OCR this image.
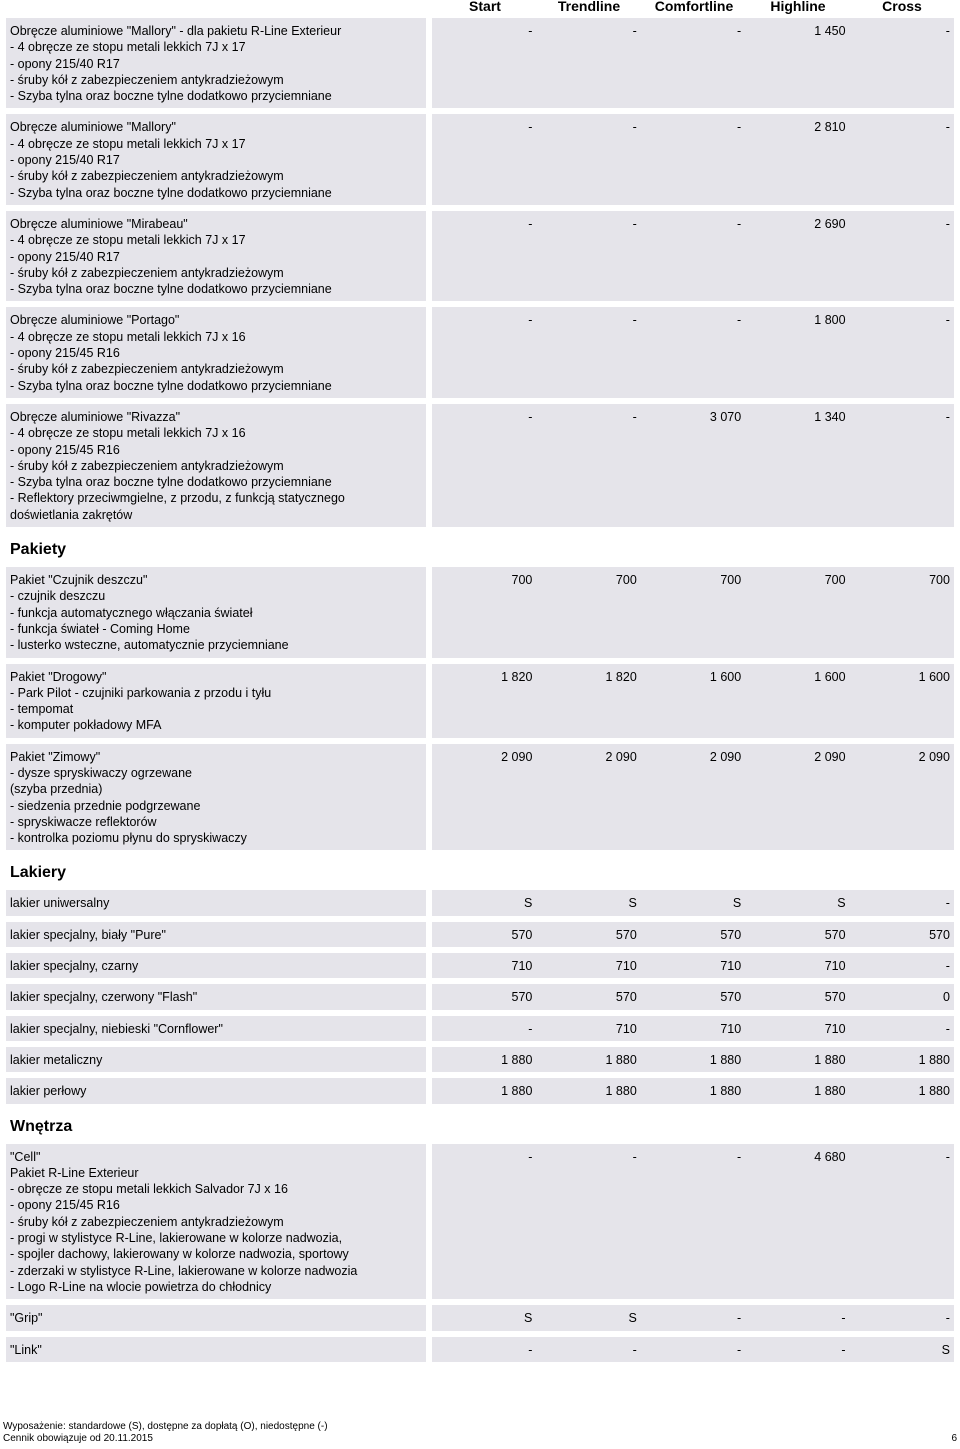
Start	Trendline	Comfortline	Highline	Cross
Obręcze aluminiowe "Mallory" - dla pakietu R-Line Exterieur
- 4 obręcze ze stopu metali lekkich 7J x 17
- opony 215/40 R17
- śruby kół z zabezpieczeniem antykradzieżowym
- Szyba tylna oraz boczne tylne dodatkowo przyciemniane
-	-	-	1 450	-
Obręcze aluminiowe "Mallory"
- 4 obręcze ze stopu metali lekkich 7J x 17
- opony 215/40 R17
- śruby kół z zabezpieczeniem antykradzieżowym
- Szyba tylna oraz boczne tylne dodatkowo przyciemniane
-	-	-	2 810	-
Obręcze aluminiowe "Mirabeau"
- 4 obręcze ze stopu metali lekkich 7J x 17
- opony 215/40 R17
- śruby kół z zabezpieczeniem antykradzieżowym
- Szyba tylna oraz boczne tylne dodatkowo przyciemniane
-	-	-	2 690	-
Obręcze aluminiowe "Portago"
- 4 obręcze ze stopu metali lekkich 7J x 16
- opony 215/45 R16
- śruby kół z zabezpieczeniem antykradzieżowym
- Szyba tylna oraz boczne tylne dodatkowo przyciemniane
-	-	-	1 800	-
Obręcze aluminiowe "Rivazza"
- 4 obręcze ze stopu metali lekkich 7J x 16
- opony 215/45 R16
- śruby kół z zabezpieczeniem antykradzieżowym
- Szyba tylna oraz boczne tylne dodatkowo przyciemniane
- Reflektory przeciwmgielne, z przodu, z funkcją statycznego
doświetlania zakrętów
-	-	3 070	1 340	-
Pakiety
Pakiet "Czujnik deszczu"
- czujnik deszczu
- funkcja automatycznego włączania świateł
- funkcja świateł - Coming Home
- lusterko wsteczne, automatycznie przyciemniane
700	700	700	700	700
Pakiet "Drogowy"
- Park Pilot - czujniki parkowania z przodu i tyłu
- tempomat
- komputer pokładowy MFA
1 820	1 820	1 600	1 600	1 600
Pakiet "Zimowy"
- dysze spryskiwaczy ogrzewane
(szyba przednia)
- siedzenia przednie podgrzewane
- spryskiwacze reflektorów
- kontrolka poziomu płynu do spryskiwaczy
2 090	2 090	2 090	2 090	2 090
Lakiery
lakier uniwersalny	S	S	S	S	-
lakier specjalny, biały "Pure"	570	570	570	570	570
lakier specjalny, czarny	710	710	710	710	-
lakier specjalny, czerwony "Flash"	570	570	570	570	0
lakier specjalny, niebieski "Cornflower"	-	710	710	710	-
lakier metaliczny	1 880	1 880	1 880	1 880	1 880
lakier perłowy	1 880	1 880	1 880	1 880	1 880
Wnętrza
"Cell"
Pakiet R-Line Exterieur
- obręcze ze stopu metali lekkich Salvador 7J x 16
- opony 215/45 R16
- śruby kół z zabezpieczeniem antykradzieżowym
- progi w stylistyce R-Line, lakierowane w kolorze nadwozia,
- spojler dachowy, lakierowany w kolorze nadwozia, sportowy
- zderzaki w stylistyce R-Line, lakierowane w kolorze nadwozia
- Logo R-Line na wlocie powietrza do chłodnicy
-	-	-	4 680	-
"Grip"	S	S	-	-	-
"Link"	-	-	-	-	S
Wyposażenie: standardowe (S), dostępne za dopłatą (O), niedostępne (-)
Cennik obowiązuje od 20.11.2015	6
